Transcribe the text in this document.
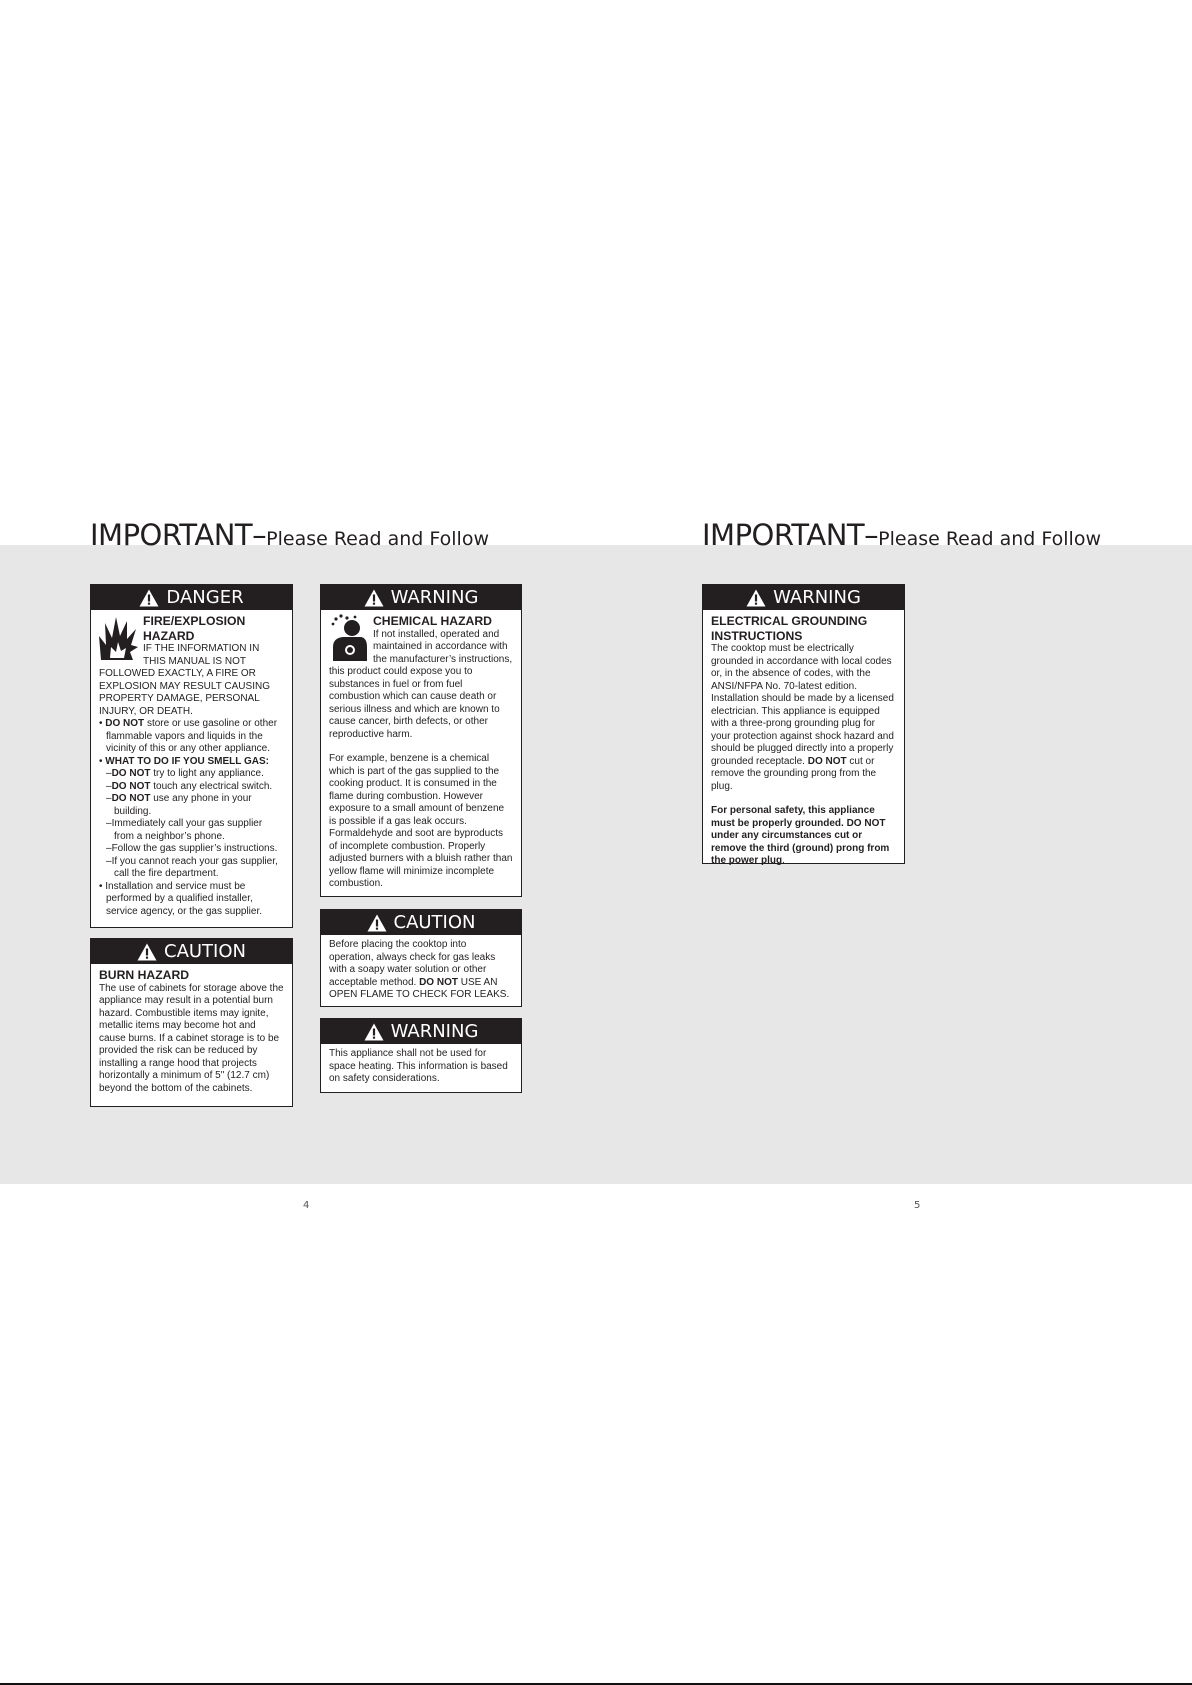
IMPORTANT–Please Read and Follow	IMPORTANT–Please Read and Follow
DANGER
FIRE/EXPLOSION HAZARD

IF THE INFORMATION IN THIS MANUAL IS NOT FOLLOWED EXACTLY, A FIRE OR EXPLOSION MAY RESULT CAUSING PROPERTY DAMAGE, PERSONAL INJURY, OR DEATH.

• DO NOT store or use gasoline or other flammable vapors and liquids in the vicinity of this or any other appliance.

• WHAT TO DO IF YOU SMELL GAS:

–DO NOT try to light any appliance.

–DO NOT touch any electrical switch.

–DO NOT use any phone in your building.

–Immediately call your gas supplier from a neighbor’s phone.

–Follow the gas supplier’s instructions.

–If you cannot reach your gas supplier, call the fire department.

• Installation and service must be performed by a qualified installer, service agency, or the gas supplier.

CAUTION
BURN HAZARD

The use of cabinets for storage above the appliance may result in a potential burn hazard. Combustible items may ignite, metallic items may become hot and cause burns. If a cabinet storage is to be provided the risk can be reduced by installing a range hood that projects horizontally a minimum of 5" (12.7 cm) beyond the bottom of the cabinets.

WARNING
CHEMICAL HAZARD

If not installed, operated and maintained in accordance with the manufacturer’s instructions, this product could expose you to substances in fuel or from fuel combustion which can cause death or serious illness and which are known to cause cancer, birth defects, or other reproductive harm.

For example, benzene is a chemical which is part of the gas supplied to the cooking product. It is consumed in the flame during combustion. However exposure to a small amount of benzene is possible if a gas leak occurs. Formaldehyde and soot are byproducts of incomplete combustion. Properly adjusted burners with a bluish rather than yellow flame will minimize incomplete combustion.

CAUTION

Before placing the cooktop into operation, always check for gas leaks with a soapy water solution or other acceptable method. DO NOT USE AN OPEN FLAME TO CHECK FOR LEAKS.

WARNING

This appliance shall not be used for space heating. This information is based on safety considerations.

WARNING
ELECTRICAL GROUNDING INSTRUCTIONS

The cooktop must be electrically grounded in accordance with local codes or, in the absence of codes, with the ANSI/NFPA No. 70-latest edition. Installation should be made by a licensed electrician. This appliance is equipped with a three-prong grounding plug for your protection against shock hazard and should be plugged directly into a properly grounded receptacle. DO NOT cut or remove the grounding prong from the plug.

For personal safety, this appliance must be properly grounded. DO NOT under any circumstances cut or remove the third (ground) prong from the power plug.

4	5
